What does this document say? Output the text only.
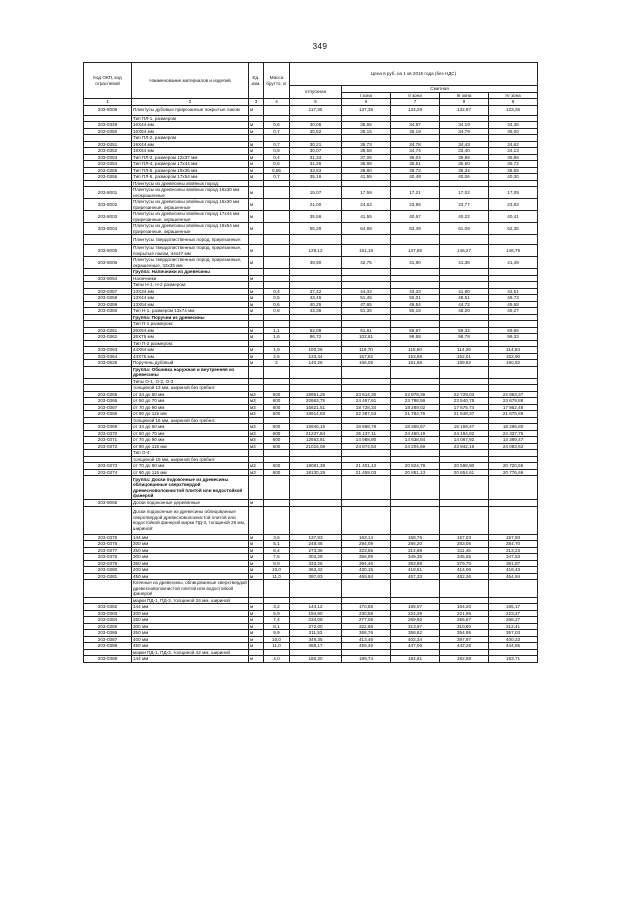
349
Код ОКП, код отраслевой	Наименование материалов и изделий	Ед. изм.	Масса брутто, кг	Цена в руб. на 1 кв 2015 года (без НДС)				
				отпускная	Сметная			
					I зона	II зона	III зона	IV зона
1	2	3	4	5	6	7	8	9
203-8008	Плинтусы дубовые прирезанные покрытые лаком	м		117,30	137,35	134,29	132,87	133,36
	Тип ПЛ-1, размером							
203-0349	16Х44 мм	м	0,6	30,06	35,55	34,57	34,19	34,36
203-0350	16Х54 мм	м	0,7	30,52	36,15	35,19	34,79	35,00
	Тип ПЛ-2, размером							
203-0351	19Х44 мм	м	0,7	30,21	35,73	34,78	34,43	34,62
203-0352	19Х54 мм	м	0,8	30,07	35,58	34,74	33,40	34,13
203-0353	Тип ПЛ-3, размером 12х37 мм	м	0,4	31,34	37,06	36,04	35,88	35,86
203-0354	Тип ПЛ-4, размером 17х44 мм	м	0,6	31,26	36,88	35,51	35,50	35,72
203-0355	Тип ПЛ-5, размером 19х36 мм	м	0,65	33,63	39,80	38,72	38,34	38,58
203-0356	Тип ПЛ-6, размером 17х54 мм	м	0,7	35,16	41,55	40,49	40,06	40,30
	Плинтусы из древесины хвойных пород:							
203-8001	Плинтусы из древесины хвойных пород 16х30 мм неокрашенные	м		15,07	17,59	17,21	17,02	17,09
203-8002	Плинтусы из древесины хвойных пород 16х30 мм прирезанные, окрашенные	м		21,00	24,63	23,86	23,77	23,83
203-8003	Плинтусы из древесины хвойных пород 17х44 мм прирезанные, окрашенные	м		35,56	41,55	40,67	40,22	40,41
203-8004	Плинтусы из древесины хвойных пород 19х54 мм прирезанные, окрашенные	м		55,29	64,69	63,49	61,09	62,36
	Плинтусы твердолиственных пород, прирезанные:							
203-8005	Плинтусы твердолиственных пород, прирезанные, покрытые лаком, 44х47 мм	м		129,12	151,19	147,85	146,27	146,78
203-8006	Плинтусы твердолиственных пород, прирезанные, окрашенные, 33х35 мм	м		39,50	42,75	41,80	41,36	41,49
	Группа: Наличники из древесины							
203-9054	Наличники	м						
	Типы Н-1, Н-2 размером:							
203-0357	13Х34 мм	м	0,4	37,42	44,32	43,33	41,80	42,51
203-0358	13Х44 мм	м	0,5	43,45	51,45	50,01	48,51	49,73
203-0359	13Х54 мм	м	0,6	40,25	47,65	46,54	44,72	45,68
203-0360	Тип Н-1, размером 13х74 мм	м	0,8	43,38	51,36	50,18	48,20	49,27
	Группа: Поручни из древесины							
	Тип П-1 размером:							
203-0361	26Х54 мм	м	1,1	52,08	61,61	59,87	59,32	59,65
203-0362	26Х75 мм	м	1,6	86,72	102,61	99,58	98,78	99,33
	Тип П-2 размером:							
203-0363	44Х54 мм	м	1,9	100,26	118,70	115,50	114,26	114,93
203-0364	44Х75 мм	м	2,5	133,44	157,82	153,68	152,01	152,90
203-0525	Поручень дубовый	м	2	140,26	166,06	161,68	159,92	160,82
	Группа: Обшивка наружная и внутренняя из древесины							
	Типы О-1, О-2, О-3							
	толщиной 13 мм, шириной без гребня:							
203-0365	от 34 до 50 мм	м3	600	19951,26	23 614,30	22 978,36	22 729,03	22 863,37
203-0366	от 50 до 70 мм	м3	600	20663,75	24 457,61	23 798,59	23 540,75	23 679,86
203-0367	от 70 до 90 мм	м3	600	15621,51	18 728,34	18 289,02	17 575,74	17 952,48
203-0368	от 90 до 115 мм	м3	600	18914,83	22 387,53	21 784,76	21 548,37	21 675,69
	толщиной 16 мм, шириной без гребня:							
203-0369	от 34 до 50 мм	м3	600	15940,15	18 868,78	18 358,67	18 159,47	18 266,80
203-0370	от 50 до 70 мм	м3	600	21237,84	25 137,11	24 460,19	24 194,82	24 337,75
203-0371	от 70 до 90 мм	м3	600	12663,81	14 988,80	14 638,84	14 067,92	14 369,47
203-0372	от 90 до 115 мм	м3	600	21016,08	24 874,54	24 204,69	23 942,16	24 083,62
	Тип О-4:							
	толщиной 19 мм, шириной без гребня:							
203-0373	от 70 до 90 мм	м3	600	18081,39	21 401,12	20 824,78	20 598,80	20 720,55
203-0374	от 90 до 115 мм	м3	600	18130,29	21 459,03	20 881,13	20 654,61	20 776,66
	Группа: Доски подоконные из древесины облицованные сверхтвердой древесноволокнистой плитой или водостойкой фанерой							
203-9056	Доски подоконные деревянные	м						
	Доски подоконные из древесины облицованные сверхтвердой древесноволокнистой плитой или водостойкой фанерой марки ПД-3, толщиной 28 мм, шириной:							
203-0375	144 мм	м	3,6	137,83	163,14	158,76	157,03	157,93
203-0376	200 мм	м	5,1	248,46	294,09	286,20	283,06	284,70
203-0377	250 мм	м	6,4	273,36	323,55	314,88	311,45	313,23
203-0378	300 мм	м	7,5	303,29	356,99	349,35	345,55	347,53
203-0379	350 мм	м	8,9	333,26	394,46	383,88	379,70	381,87
203-0380	400 мм	м	10,0	363,42	430,15	418,61	414,06	416,43
203-0381	450 мм	м	11,0	397,63	469,94	457,33	452,36	454,94
	Клееные из древесины, облицованные сверхтвердой древесноволокнистой плитой или водостойкой фанерой							
	марки ПД-1, ПД-3, толщиной 34 мм, шириной							
203-0382	144 мм	м	3,2	144,12	170,58	165,07	164,20	165,17
203-0383	200 мм	м	5,9	194,80	230,58	224,39	221,95	223,27
203-0384	250 мм	м	7,4	234,08	277,05	269,60	266,67	268,27
203-0385	300 мм	м	8,1	272,60	322,66	313,97	310,60	312,41
203-0386	350 мм	м	9,9	311,53	368,76	358,82	354,95	357,03
203-0387	400 мм	м	10,0	349,35	413,46	402,34	397,97	400,33
203-0388	450 мм	м	11,0	388,17	459,45	447,06	442,26	444,85
	марки ПД-1, ПД-3, толщиной 42 мм, шириной							
203-0389	144 мм	м	4,0	160,30	189,74	184,61	182,58	183,71
